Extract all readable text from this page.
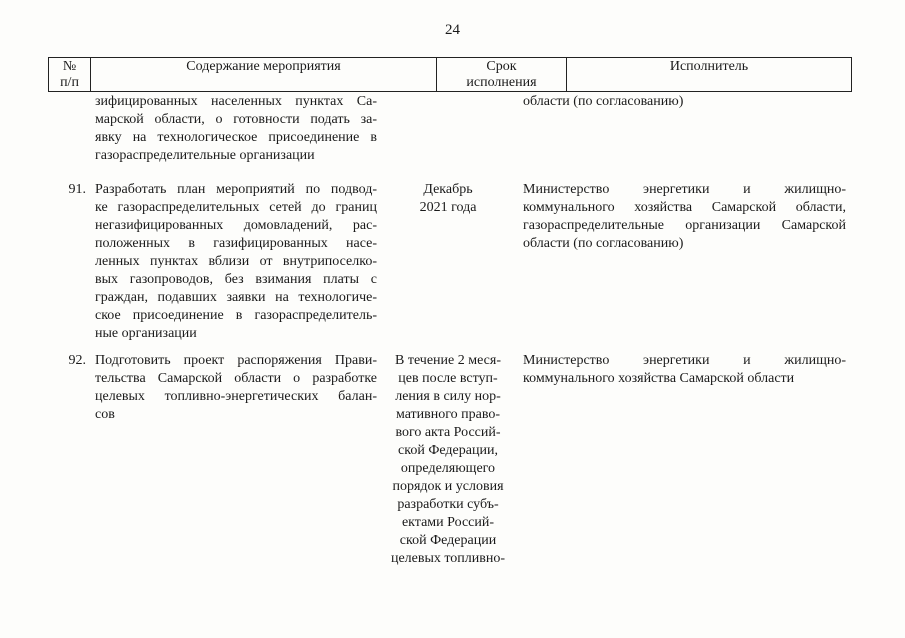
24
№
п/п
Содержание мероприятия	Срок
исполнения
Исполнитель
зифицированных населенных пунктах Са-
марской области, о готовности подать за-
явку на технологическое присоединение в
газораспределительные организации
области (по согласованию)
91. Разработать план мероприятий по подвод-
ке газораспределительных сетей до границ
негазифицированных домовладений, рас-
положенных в газифицированных насе-
ленных пунктах вблизи от внутрипоселко-
вых газопроводов, без взимания платы с
граждан, подавших заявки на технологиче-
ское присоединение в газораспределитель-
ные организации
Декабрь
2021 года
Министерство энергетики и жилищно-
коммунального хозяйства Самарской области,
газораспределительные организации Самарской
области (по согласованию)
92. Подготовить проект распоряжения Прави-
тельства Самарской области о разработке
целевых топливно-энергетических балан-
сов
В течение 2 меся-
цев после вступ-
ления в силу нор-
мативного право-
вого акта Россий-
ской Федерации,
определяющего
порядок и условия
разработки субъ-
ектами Россий-
ской Федерации
целевых топливно-
Министерство энергетики и жилищно-
коммунального хозяйства Самарской области
